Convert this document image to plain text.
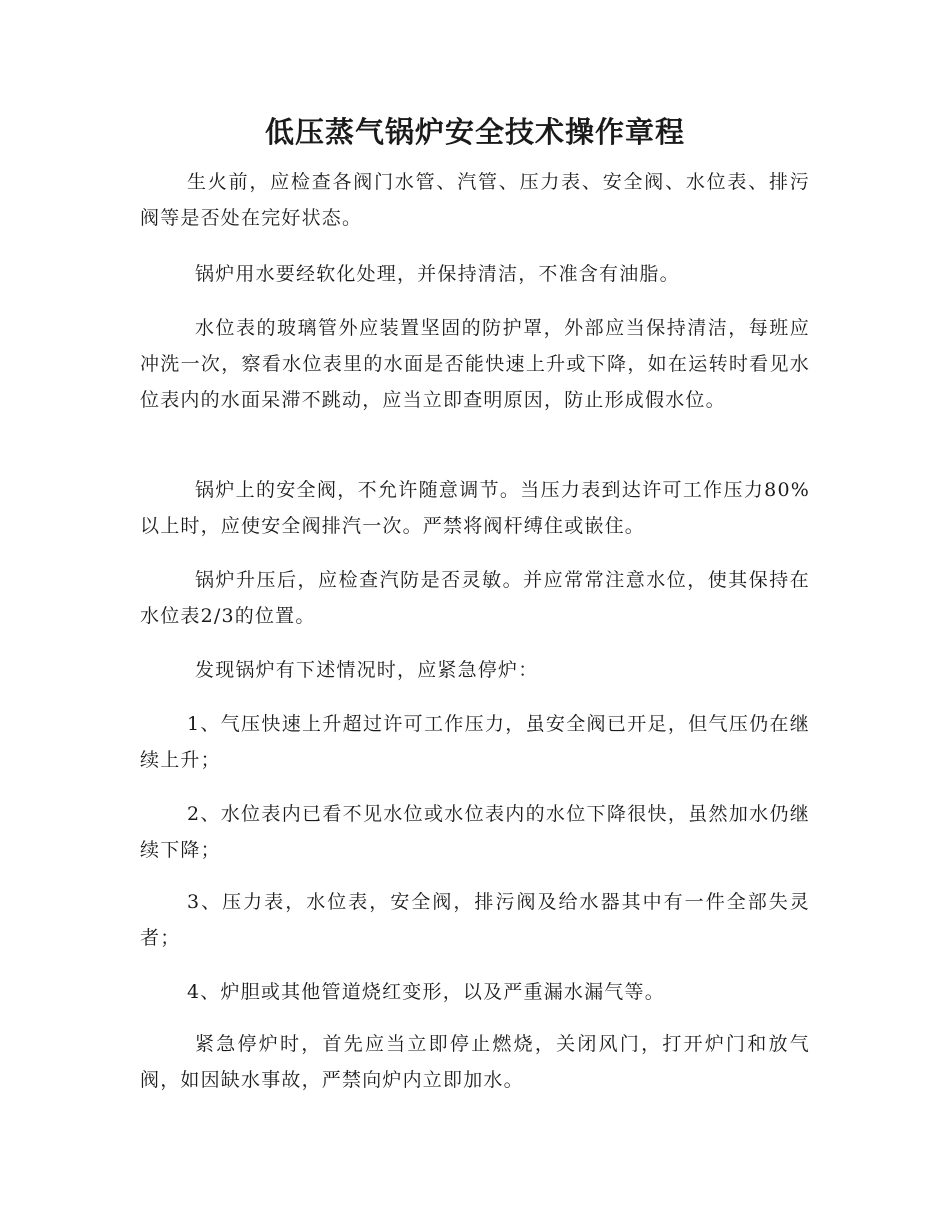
低压蒸气锅炉安全技术操作章程

生火前，应检查各阀门水管、汽管、压力表、安全阀、水位表、排污阀等是否处在完好状态。

锅炉用水要经软化处理，并保持清洁，不准含有油脂。

水位表的玻璃管外应装置坚固的防护罩，外部应当保持清洁，每班应冲洗一次，察看水位表里的水面是否能快速上升或下降，如在运转时看见水位表内的水面呆滞不跳动，应当立即查明原因，防止形成假水位。

锅炉上的安全阀，不允许随意调节。当压力表到达许可工作压力80%以上时，应使安全阀排汽一次。严禁将阀杆缚住或嵌住。

锅炉升压后，应检查汽防是否灵敏。并应常常注意水位，使其保持在水位表2/3的位置。

发现锅炉有下述情况时，应紧急停炉：

1、气压快速上升超过许可工作压力，虽安全阀已开足，但气压仍在继续上升；

2、水位表内已看不见水位或水位表内的水位下降很快，虽然加水仍继续下降；

3、压力表，水位表，安全阀，排污阀及给水器其中有一件全部失灵者；

4、炉胆或其他管道烧红变形，以及严重漏水漏气等。

紧急停炉时，首先应当立即停止燃烧，关闭风门，打开炉门和放气阀，如因缺水事故，严禁向炉内立即加水。
